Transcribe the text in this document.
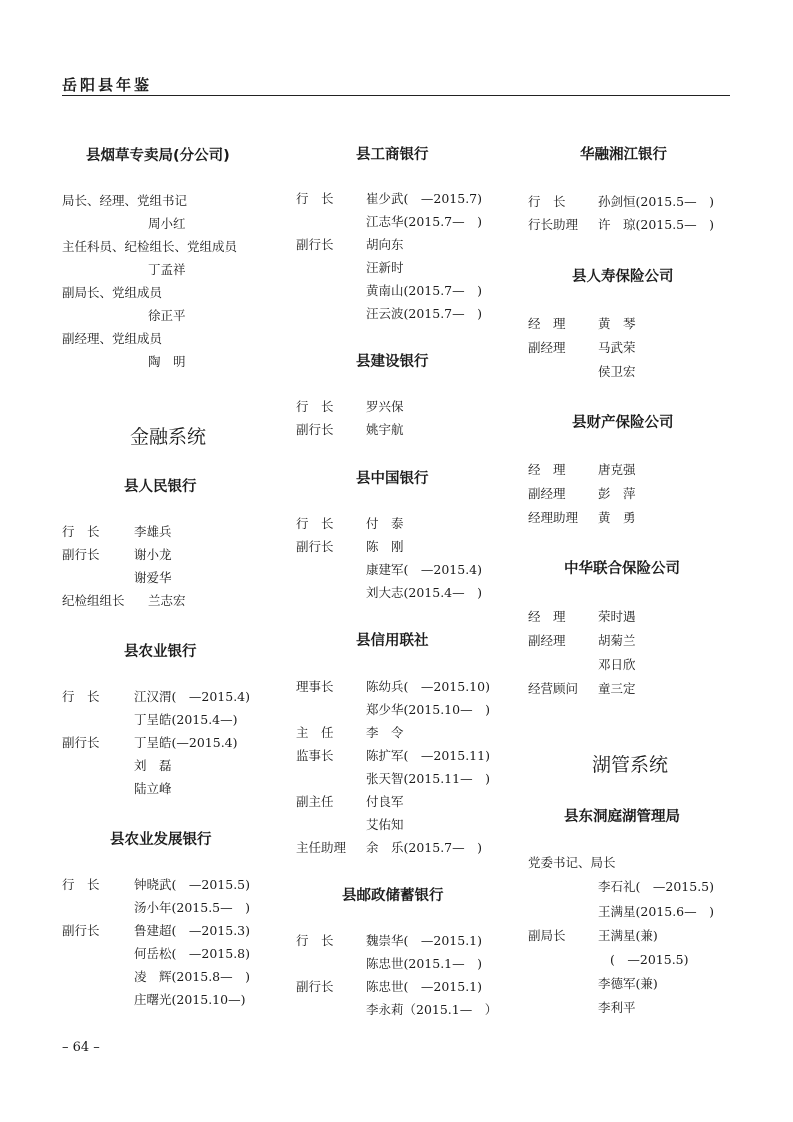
岳阳县年鉴
县烟草专卖局(分公司)
局长、经理、党组书记
周小红
主任科员、纪检组长、党组成员
丁孟祥
副局长、党组成员
徐正平
副经理、党组成员
陶　明
金融系统
县人民银行
行　长	李雄兵
副行长	谢小龙
谢爱华
纪检组组长 兰志宏
县农业银行
行　长	江汉渭(　—2015.4)
丁呈皓(2015.4—)
副行长	丁呈皓(—2015.4)
刘　磊
陆立峰
县农业发展银行
行　长	钟晓武(　—2015.5)
汤小年(2015.5—　)
副行长	鲁建超(　—2015.3)
何岳松(　—2015.8)
凌　辉(2015.8—　)
庄曙光(2015.10—)
县工商银行
行　长	崔少武(　—2015.7)
江志华(2015.7—　)
副行长	胡向东
汪新时
黄南山(2015.7—　)
汪云波(2015.7—　)
县建设银行
行　长	罗兴保
副行长	姚宇航
县中国银行
行　长	付　泰
副行长	陈　刚
康建军(　—2015.4)
刘大志(2015.4—　)
县信用联社
理事长	陈幼兵(　—2015.10)
郑少华(2015.10—　)
主　任	李　令
监事长	陈扩军(　—2015.11)
张天智(2015.11—　)
副主任	付良军
艾佑知
主任助理 余　乐(2015.7—　)
县邮政储蓄银行
行　长	魏崇华(　—2015.1)
陈忠世(2015.1—　)
副行长	陈忠世(　—2015.1)
李永莉（2015.1—　）
华融湘江银行
行　长	孙剑恒(2015.5—　)
行长助理 许　琼(2015.5—　)
县人寿保险公司
经　理	黄　琴
副经理	马武荣
侯卫宏
县财产保险公司
经　理	唐克强
副经理	彭　萍
经理助理 黄　勇
中华联合保险公司
经　理	荣时遇
副经理	胡菊兰
邓日欣
经营顾问 童三定
湖管系统
县东洞庭湖管理局
党委书记、局长
李石礼(　—2015.5)
王满星(2015.6—　)
副局长	王满星(兼)
(　—2015.5)
李德军(兼)
李利平
– 64 –
